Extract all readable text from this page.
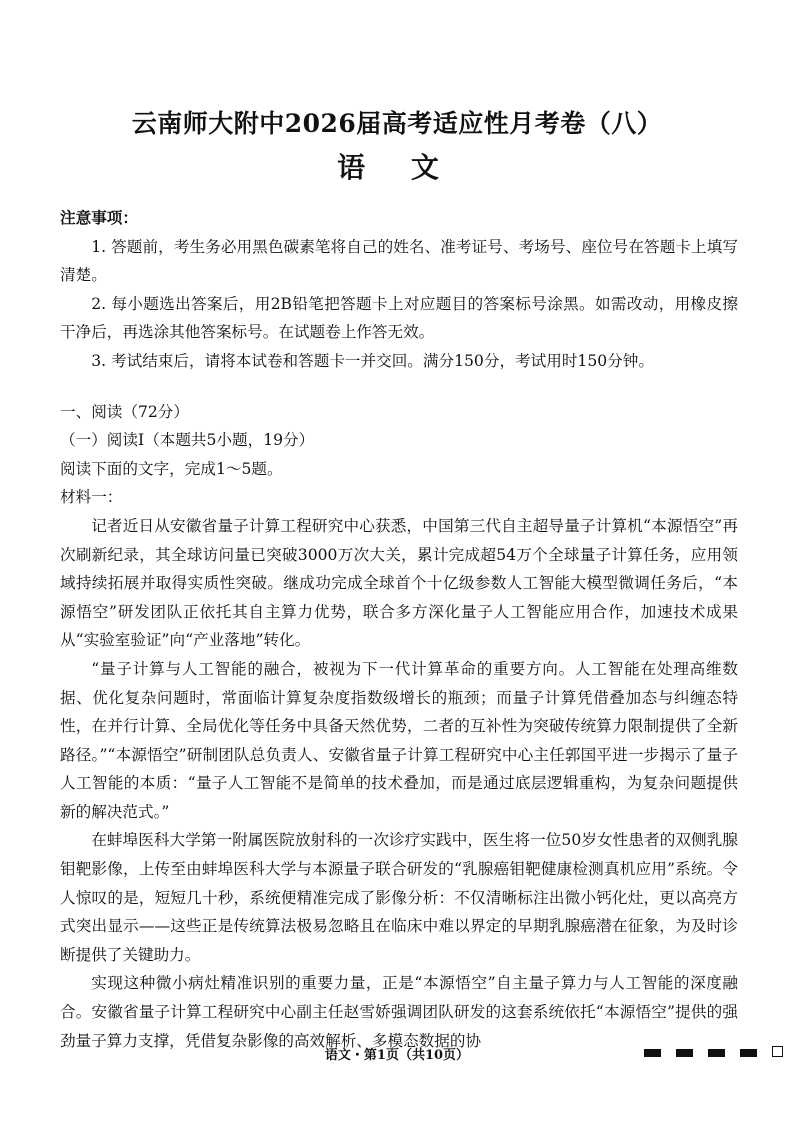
云南师大附中2026届高考适应性月考卷（八）
语 文

注意事项：

1. 答题前，考生务必用黑色碳素笔将自己的姓名、准考证号、考场号、座位号在答题卡上填写清楚。

2. 每小题选出答案后，用2B铅笔把答题卡上对应题目的答案标号涂黑。如需改动，用橡皮擦干净后，再选涂其他答案标号。在试题卷上作答无效。

3. 考试结束后，请将本试卷和答题卡一并交回。满分150分，考试用时150分钟。

一、阅读（72分）

（一）阅读Ⅰ（本题共5小题，19分）

阅读下面的文字，完成1～5题。

材料一：

记者近日从安徽省量子计算工程研究中心获悉，中国第三代自主超导量子计算机“本源悟空”再次刷新纪录，其全球访问量已突破3000万次大关，累计完成超54万个全球量子计算任务，应用领域持续拓展并取得实质性突破。继成功完成全球首个十亿级参数人工智能大模型微调任务后，“本源悟空”研发团队正依托其自主算力优势，联合多方深化量子人工智能应用合作，加速技术成果从“实验室验证”向“产业落地”转化。

“量子计算与人工智能的融合，被视为下一代计算革命的重要方向。人工智能在处理高维数据、优化复杂问题时，常面临计算复杂度指数级增长的瓶颈；而量子计算凭借叠加态与纠缠态特性，在并行计算、全局优化等任务中具备天然优势，二者的互补性为突破传统算力限制提供了全新路径。”“本源悟空”研制团队总负责人、安徽省量子计算工程研究中心主任郭国平进一步揭示了量子人工智能的本质：“量子人工智能不是简单的技术叠加，而是通过底层逻辑重构，为复杂问题提供新的解决范式。”

在蚌埠医科大学第一附属医院放射科的一次诊疗实践中，医生将一位50岁女性患者的双侧乳腺钼靶影像，上传至由蚌埠医科大学与本源量子联合研发的“乳腺癌钼靶健康检测真机应用”系统。令人惊叹的是，短短几十秒，系统便精准完成了影像分析：不仅清晰标注出微小钙化灶，更以高亮方式突出显示——这些正是传统算法极易忽略且在临床中难以界定的早期乳腺癌潜在征象，为及时诊断提供了关键助力。

实现这种微小病灶精准识别的重要力量，正是“本源悟空”自主量子算力与人工智能的深度融合。安徽省量子计算工程研究中心副主任赵雪娇强调团队研发的这套系统依托“本源悟空”提供的强劲量子算力支撑，凭借复杂影像的高效解析、多模态数据的协

语文・第1页（共10页）
